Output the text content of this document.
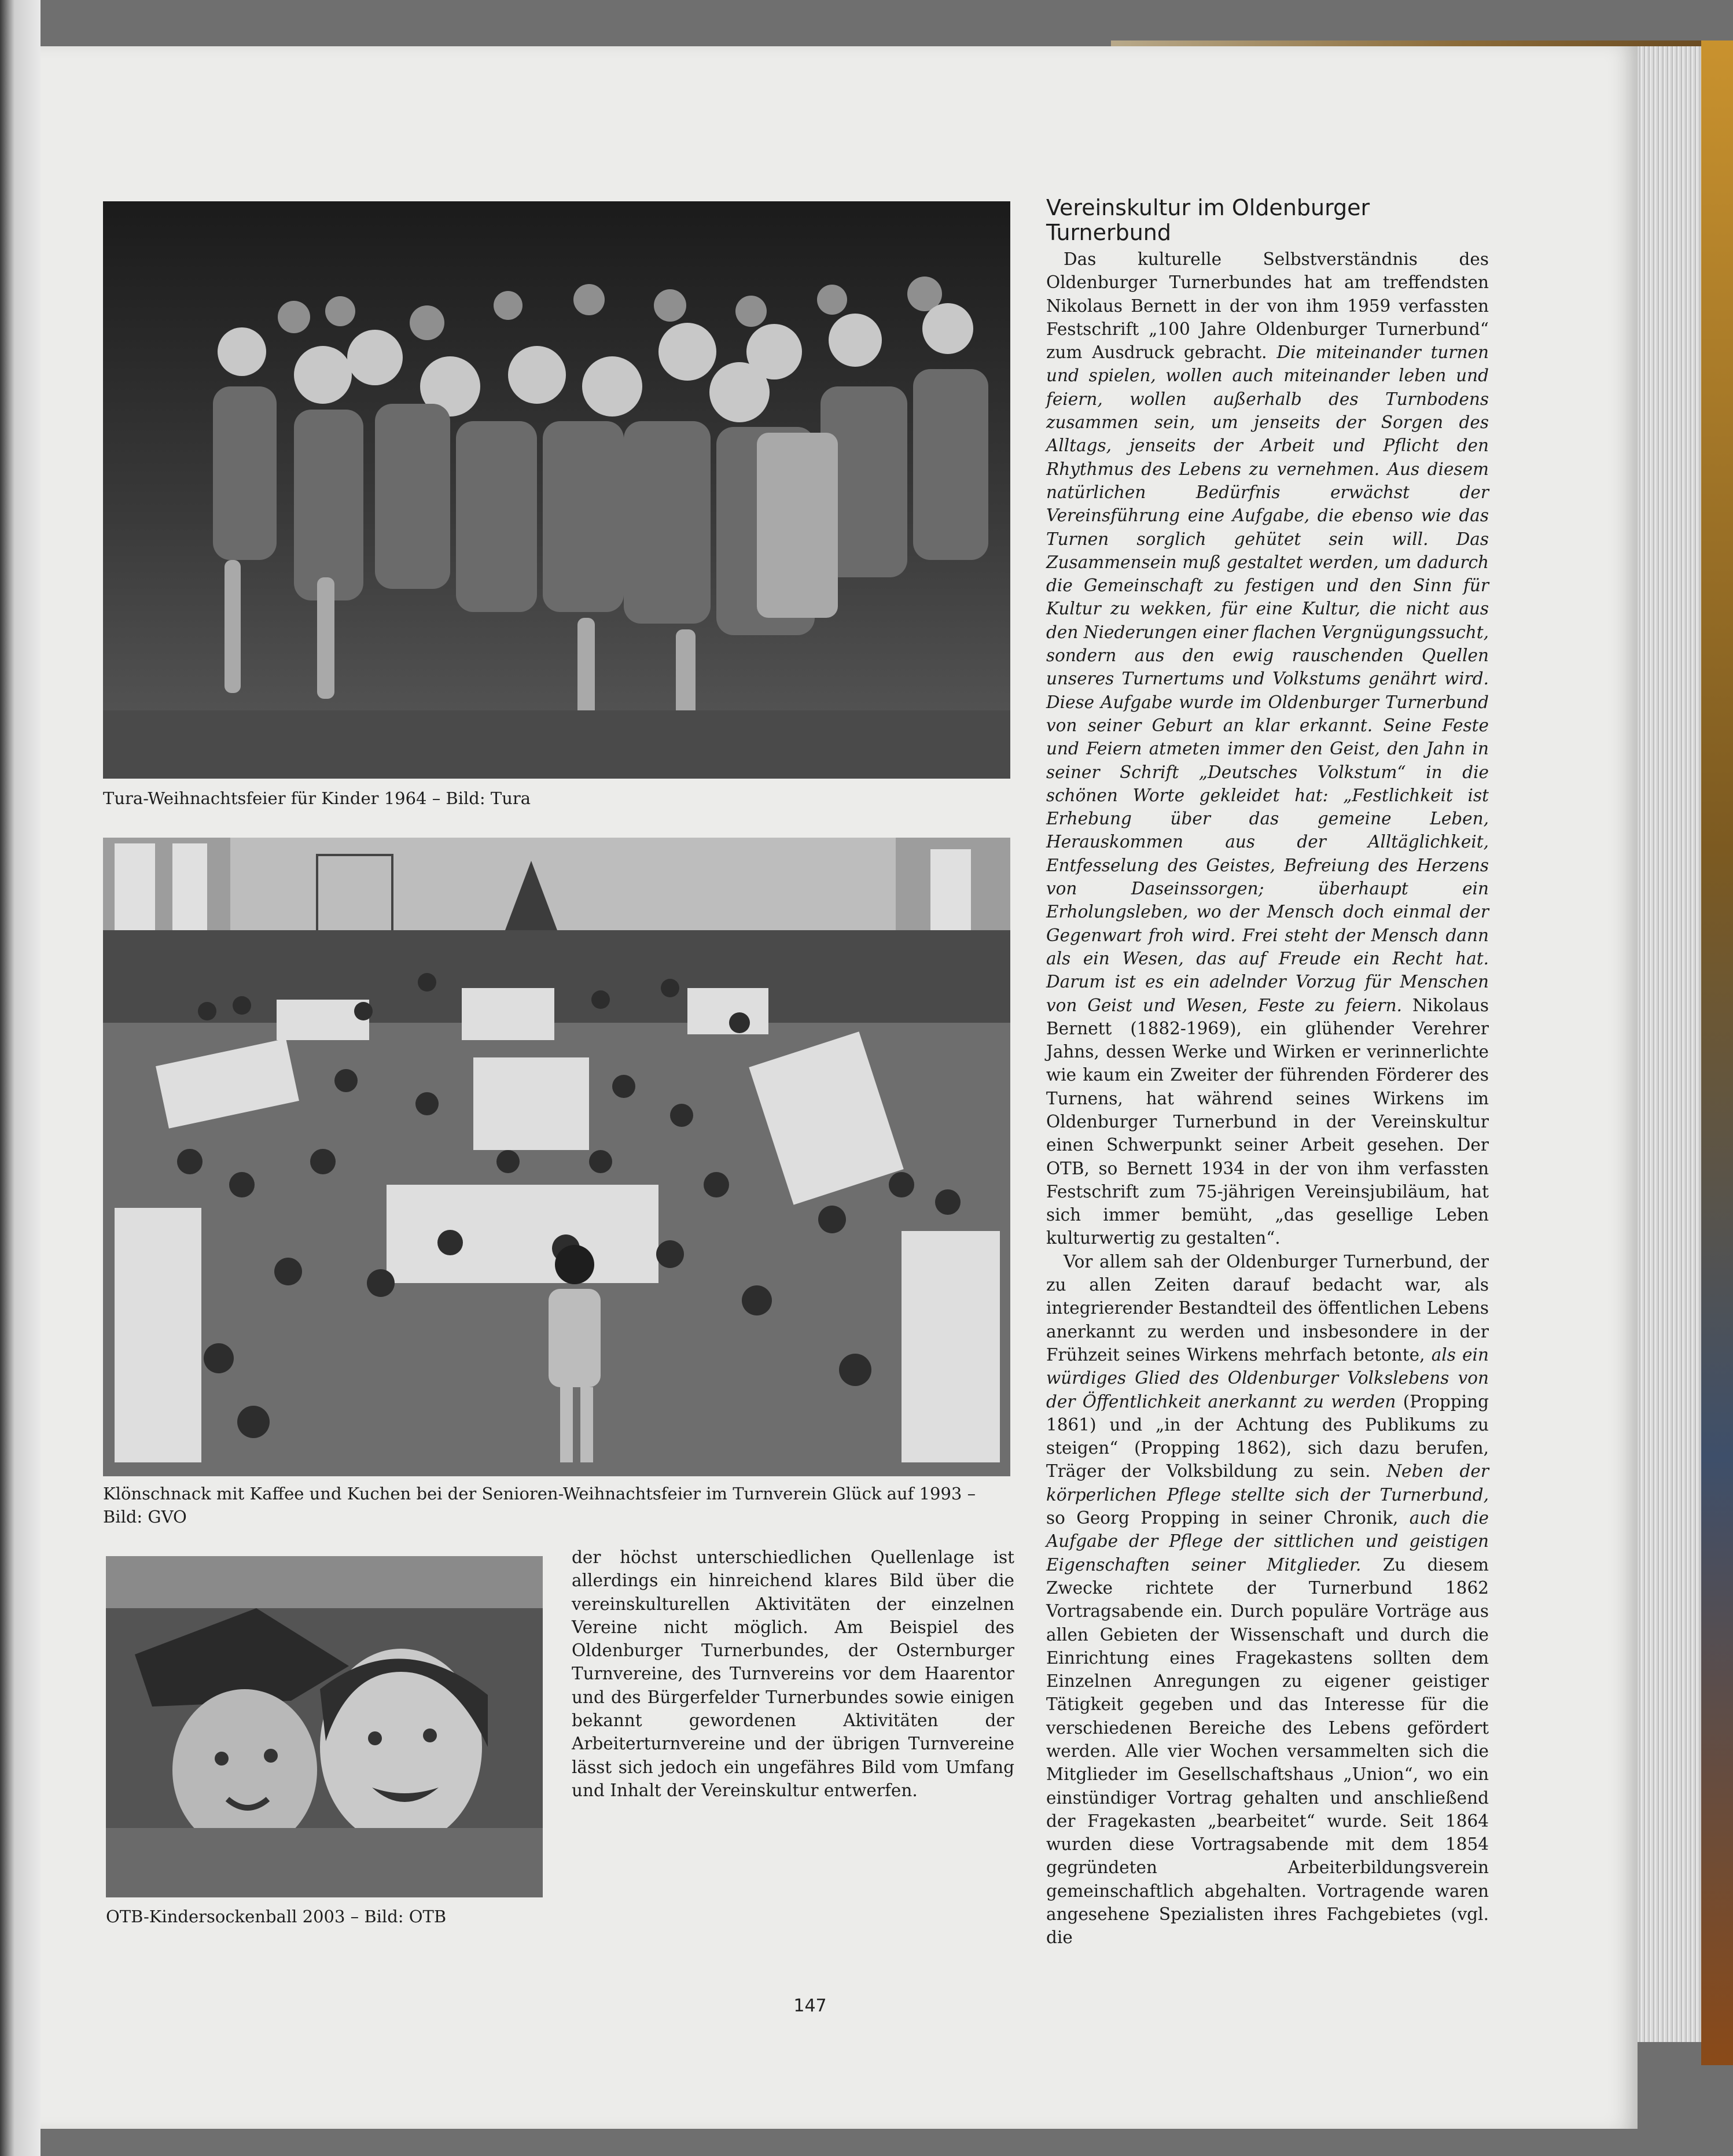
Tura-Weihnachtsfeier für Kinder 1964 – Bild: Tura

Klönschnack mit Kaffee und Kuchen bei der Senioren-Weihnachtsfeier im Turnverein Glück auf 1993 – Bild: GVO

OTB-Kindersockenball 2003 – Bild: OTB

der höchst unterschiedlichen Quellenlage ist allerdings ein hinreichend klares Bild über die vereinskulturellen Aktivitäten der einzelnen Vereine nicht möglich. Am Beispiel des Oldenburger Turnerbundes, der Osternburger Turnvereine, des Turnvereins vor dem Haarentor und des Bürgerfelder Turnerbundes sowie einigen bekannt gewordenen Aktivitäten der Arbeiterturnvereine und der übrigen Turnvereine lässt sich jedoch ein ungefähres Bild vom Umfang und Inhalt der Vereinskultur entwerfen.

Vereinskultur im Oldenburger Turnerbund

Das kulturelle Selbstverständnis des Oldenburger Turnerbundes hat am treffendsten Nikolaus Bernett in der von ihm 1959 verfassten Festschrift „100 Jahre Oldenburger Turnerbund“ zum Ausdruck gebracht. Die miteinander turnen und spielen, wollen auch miteinander leben und feiern, wollen außerhalb des Turnbodens zusammen sein, um jenseits der Sorgen des Alltags, jenseits der Arbeit und Pflicht den Rhythmus des Lebens zu vernehmen. Aus diesem natürlichen Bedürfnis erwächst der Vereinsführung eine Aufgabe, die ebenso wie das Turnen sorglich gehütet sein will. Das Zusammensein muß gestaltet werden, um dadurch die Gemeinschaft zu festigen und den Sinn für Kultur zu wekken, für eine Kultur, die nicht aus den Niederungen einer flachen Vergnügungssucht, sondern aus den ewig rauschenden Quellen unseres Turnertums und Volkstums genährt wird. Diese Aufgabe wurde im Oldenburger Turnerbund von seiner Geburt an klar erkannt. Seine Feste und Feiern atmeten immer den Geist, den Jahn in seiner Schrift „Deutsches Volkstum“ in die schönen Worte gekleidet hat: „Festlichkeit ist Erhebung über das gemeine Leben, Herauskommen aus der Alltäglichkeit, Entfesselung des Geistes, Befreiung des Herzens von Daseinssorgen; überhaupt ein Erholungsleben, wo der Mensch doch einmal der Gegenwart froh wird. Frei steht der Mensch dann als ein Wesen, das auf Freude ein Recht hat. Darum ist es ein adelnder Vorzug für Menschen von Geist und Wesen, Feste zu feiern. Nikolaus Bernett (1882-1969), ein glühender Verehrer Jahns, dessen Werke und Wirken er verinnerlichte wie kaum ein Zweiter der führenden Förderer des Turnens, hat während seines Wirkens im Oldenburger Turnerbund in der Vereinskultur einen Schwerpunkt seiner Arbeit gesehen. Der OTB, so Bernett 1934 in der von ihm verfassten Festschrift zum 75-jährigen Vereinsjubiläum, hat sich immer bemüht, „das gesellige Leben kulturwertig zu gestalten“.

Vor allem sah der Oldenburger Turnerbund, der zu allen Zeiten darauf bedacht war, als integrierender Bestandteil des öffentlichen Lebens anerkannt zu werden und insbesondere in der Frühzeit seines Wirkens mehrfach betonte, als ein würdiges Glied des Oldenburger Volkslebens von der Öffentlichkeit anerkannt zu werden (Propping 1861) und „in der Achtung des Publikums zu steigen“ (Propping 1862), sich dazu berufen, Träger der Volksbildung zu sein. Neben der körperlichen Pflege stellte sich der Turnerbund, so Georg Propping in seiner Chronik, auch die Aufgabe der Pflege der sittlichen und geistigen Eigenschaften seiner Mitglieder. Zu diesem Zwecke richtete der Turnerbund 1862 Vortragsabende ein. Durch populäre Vorträge aus allen Gebieten der Wissenschaft und durch die Einrichtung eines Fragekastens sollten dem Einzelnen Anregungen zu eigener geistiger Tätigkeit gegeben und das Interesse für die verschiedenen Bereiche des Lebens gefördert werden. Alle vier Wochen versammelten sich die Mitglieder im Gesellschaftshaus „Union“, wo ein einstündiger Vortrag gehalten und anschließend der Fragekasten „bearbeitet“ wurde. Seit 1864 wurden diese Vortragsabende mit dem 1854 gegründeten Arbeiterbildungsverein gemeinschaftlich abgehalten. Vortragende waren angesehene Spezialisten ihres Fachgebietes (vgl. die

147
